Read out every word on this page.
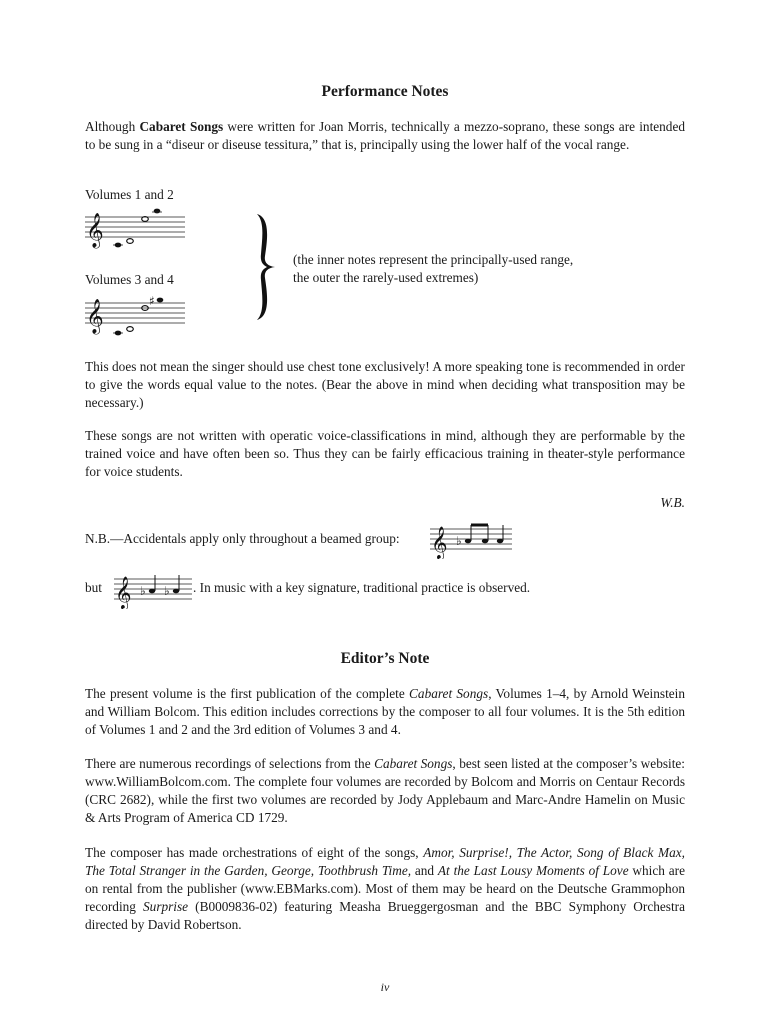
Performance Notes

Although Cabaret Songs were written for Joan Morris, technically a mezzo-soprano, these songs are intended to be sung in a “diseur or diseuse tessitura,” that is, principally using the lower half of the vocal range.

Volumes 1 and 2
𝄞
(the inner notes represent the principally-used range,
the outer the rarely-used extremes)
Volumes 3 and 4
𝄞	♯

This does not mean the singer should use chest tone exclusively! A more speaking tone is recommended in order to give the words equal value to the notes. (Bear the above in mind when deciding what transposition may be necessary.)

These songs are not written with operatic voice-classifications in mind, although they are performable by the trained voice and have often been so. Thus they can be fairly efficacious training in theater-style performance for voice students.

W.B.
N.B.—Accidentals apply only throughout a beamed group: 𝄞 ♭
but 𝄞 ♭ ♭ . In music with a key signature, traditional practice is observed.
Editor’s Note

The present volume is the first publication of the complete Cabaret Songs, Volumes 1–4, by Arnold Weinstein and William Bolcom. This edition includes corrections by the composer to all four volumes. It is the 5th edition of Volumes 1 and 2 and the 3rd edition of Volumes 3 and 4.

There are numerous recordings of selections from the Cabaret Songs, best seen listed at the composer’s website: www.WilliamBolcom.com. The complete four volumes are recorded by Bolcom and Morris on Centaur Records (CRC 2682), while the first two volumes are recorded by Jody Applebaum and Marc-Andre Hamelin on Music & Arts Program of America CD 1729.

The composer has made orchestrations of eight of the songs, Amor, Surprise!, The Actor, Song of Black Max, The Total Stranger in the Garden, George, Toothbrush Time, and At the Last Lousy Moments of Love which are on rental from the publisher (www.EBMarks.com). Most of them may be heard on the Deutsche Grammophon recording Surprise (B0009836-02) featuring Measha Brueggergosman and the BBC Symphony Orchestra directed by David Robertson.

iv
